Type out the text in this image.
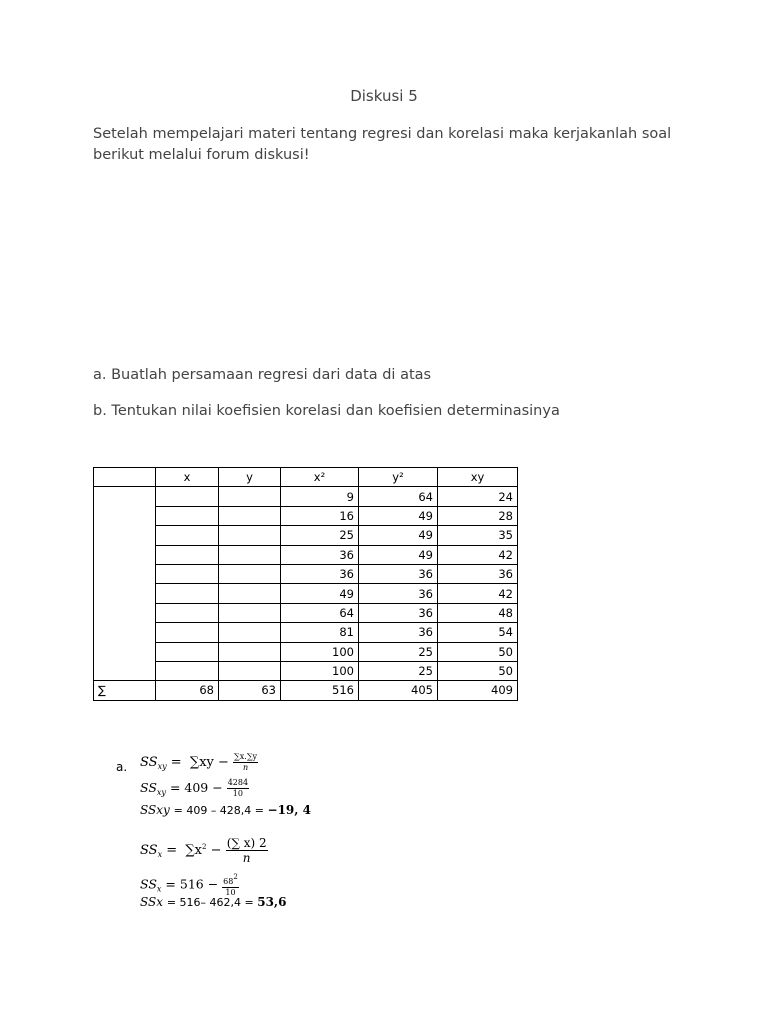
Diskusi 5
Setelah mempelajari materi tentang regresi dan korelasi maka kerjakanlah soal berikut melalui forum diskusi!
a. Buatlah persamaan regresi dari data di atas
b. Tentukan nilai koefisien korelasi dan koefisien determinasinya
	x	y	x²	y²	xy
			9	64	24
			16	49	28
			25	49	35
			36	49	42
			36	36	36
			49	36	42
			64	36	48
			81	36	54
			100	25	50
			100	25	50
∑	68	63	516	405	409
a. $SS_{xy} = \sum xy - \frac{\sum x.\sum y}{n}$
$SS_{xy} = 409 - \frac{4284}{10}$
SSxy = 409 – 428,4 = −19, 4
$SS_x = \sum x^2 - \frac{(\sum x) 2}{n}$
$SS_x = 516 - \frac{68^2}{10}$
SSx = 516– 462,4 = 53,6
